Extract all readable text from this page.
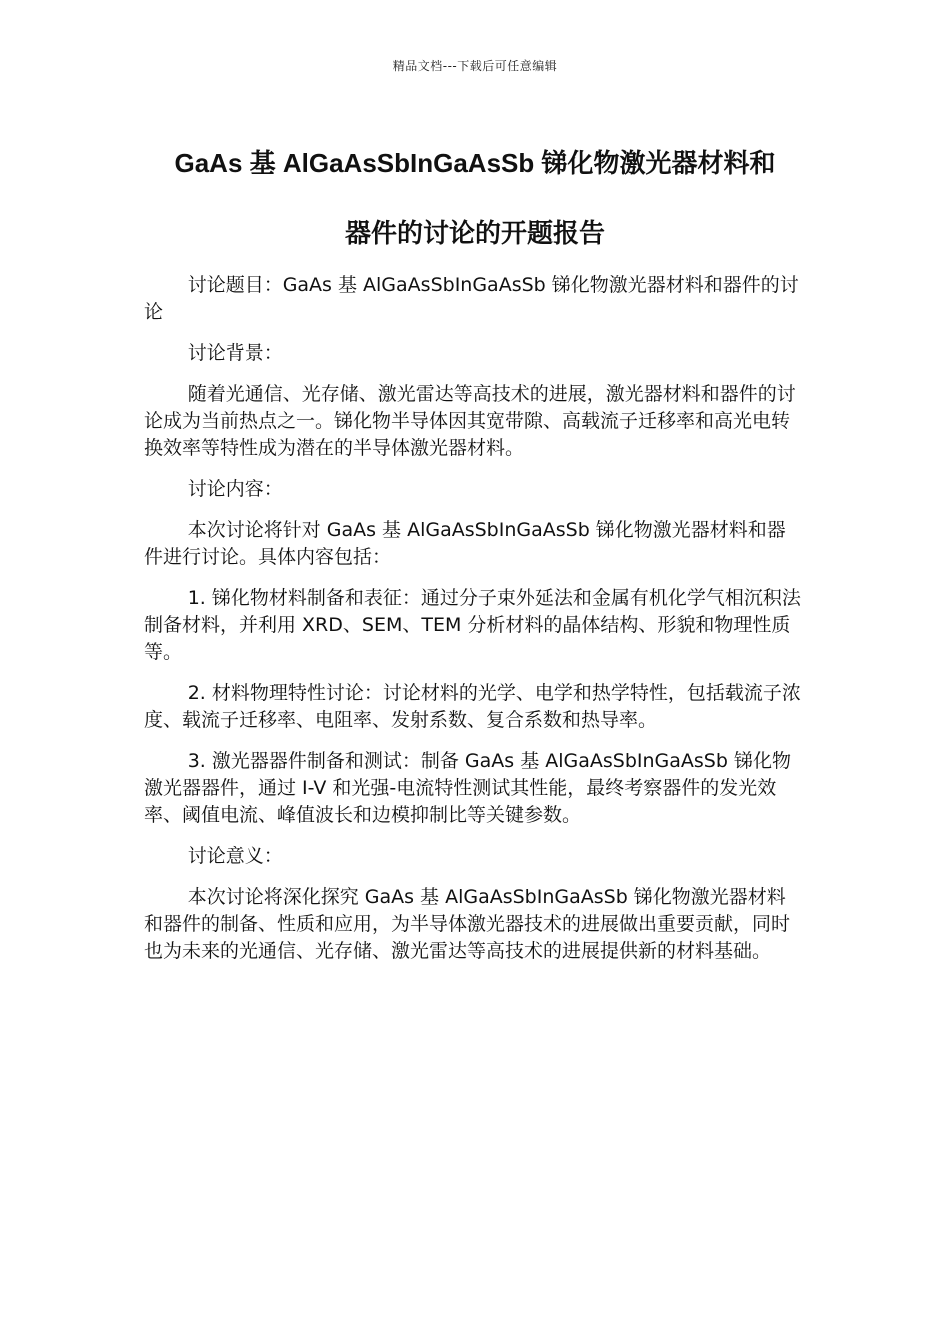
精品文档---下载后可任意编辑
GaAs 基 AlGaAsSbInGaAsSb 锑化物激光器材料和
器件的讨论的开题报告

讨论题目：GaAs 基 AlGaAsSbInGaAsSb 锑化物激光器材料和器件的讨论

讨论背景：

随着光通信、光存储、激光雷达等高技术的进展，激光器材料和器件的讨论成为当前热点之一。锑化物半导体因其宽带隙、高载流子迁移率和高光电转换效率等特性成为潜在的半导体激光器材料。

讨论内容：

本次讨论将针对 GaAs 基 AlGaAsSbInGaAsSb 锑化物激光器材料和器件进行讨论。具体内容包括：

1. 锑化物材料制备和表征：通过分子束外延法和金属有机化学气相沉积法制备材料，并利用 XRD、SEM、TEM 分析材料的晶体结构、形貌和物理性质等。

2. 材料物理特性讨论：讨论材料的光学、电学和热学特性，包括载流子浓度、载流子迁移率、电阻率、发射系数、复合系数和热导率。

3. 激光器器件制备和测试：制备 GaAs 基 AlGaAsSbInGaAsSb 锑化物激光器器件，通过 I-V 和光强-电流特性测试其性能，最终考察器件的发光效率、阈值电流、峰值波长和边模抑制比等关键参数。

讨论意义：

本次讨论将深化探究 GaAs 基 AlGaAsSbInGaAsSb 锑化物激光器材料和器件的制备、性质和应用，为半导体激光器技术的进展做出重要贡献，同时也为未来的光通信、光存储、激光雷达等高技术的进展提供新的材料基础。
